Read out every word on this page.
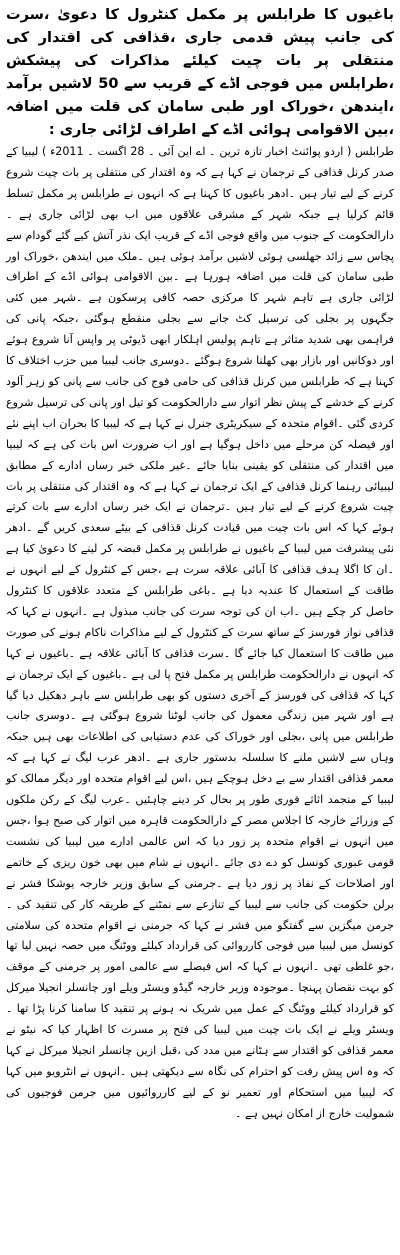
باغیوں کا طرابلس پر مکمل کنٹرول کا دعویٰ ،سرت کی جانب پیش قدمی جاری ،قذافی کی اقتدار کی منتقلی پر بات چیت کیلئے مذاکرات کی پیشکش ،طرابلس میں فوجی اڈے کے قریب سے 50 لاشیں برآمد ،ایندھن ،خوراک اور طبی سامان کی قلت میں اضافہ ،بین الاقوامی ہوائی اڈے کے اطراف لڑائی جاری :

طرابلس ( اردو پوائنٹ اخبار تازہ ترین ۔ اے این آئی ۔ 28 اگست ۔ 2011ء ) لیبیا کے صدر کرنل قذافی کے ترجمان نے کہا ہے کہ وہ اقتدار کی منتقلی پر بات چیت شروع کرنے کے لیے تیار ہیں ۔ادھر باغیوں کا کہنا ہے کہ انہوں نے طرابلس پر مکمل تسلط قائم کرلیا ہے جبکہ شہر کے مشرقی علاقوں میں اب بھی لڑائی جاری ہے ۔دارالحکومت کے جنوب میں واقع فوجی اڈے کے قریب ایک نذر آتش کیے گئے گودام سے پچاس سے زائد جھلسی ہوئی لاشیں برآمد ہوئی ہیں ۔ملک میں ایندھن ،خوراک اور طبی سامان کی قلت میں اضافہ ہورہا ہے ۔بین الاقوامی ہوائی اڈے کے اطراف لڑائی جاری ہے تاہم شہر کا مرکزی حصہ کافی پرسکون ہے ۔شہر میں کئی جگہوں پر بجلی کی ترسیل کٹ جانے سے بجلی منقطع ہوگئی ،جبکہ پانی کی فراہمی بھی شدید متاثر ہے تاہم پولیس اہلکار ابھی ڈیوٹی پر واپس آنا شروع ہوئے اور دوکانیں اور بازار بھی کھلنا شروع ہوگئے ۔دوسری جانب لیبیا میں حزب اختلاف کا کہنا ہے کہ طرابلس میں کرنل قذافی کی حامی فوج کی جانب سے پانی کو زہر آلود کرنے کے خدشے کے پیش نظر اتوار سے دارالحکومت کو تیل اور پانی کی ترسیل شروع کردی گئی ۔اقوام متحدہ کے سیکریٹری جنرل نے کہا ہے کہ لیبیا کا بحران اب اپنے نئے اور فیصلہ کن مرحلے میں داخل ہوگیا ہے اور اب ضرورت اس بات کی ہے کہ لیبیا میں اقتدار کی منتقلی کو یقینی بنایا جائے ۔غیر ملکی خبر رساں ادارے کے مطابق لیبیائی رہنما کرنل قذافی کے ایک ترجمان نے کہا ہے کہ وہ اقتدار کی منتقلی پر بات چیت شروع کرنے کے لیے تیار ہیں ۔ترجمان نے ایک خبر رساں ادارے سے بات کرتے ہوئے کہا کہ اس بات چیت میں قیادت کرنل قذافی کے بیٹے سعدی کریں گے ۔ادھر نئی پیشرفت میں لیبیا کے باغیوں نے طرابلس پر مکمل قبضہ کر لینے کا دعویٰ کیا ہے ۔ان کا اگلا ہدف قذافی کا آبائی علاقہ سرت ہے ،جس کے کنٹرول کے لیے انہوں نے طاقت کے استعمال کا عندیہ دیا ہے ۔باغی طرابلس کے متعدد علاقوں کا کنٹرول حاصل کر چکے ہیں ۔اب ان کی توجہ سرت کی جانب مبذول ہے ۔انہوں نے کہا کہ قذافی نواز فورسز کے ساتھ سرت کے کنٹرول کے لیے مذاکرات ناکام ہونے کی صورت میں طاقت کا استعمال کیا جائے گا ۔سرت قذافی کا آبائی علاقہ ہے ۔باغیوں نے کہا کہ انہوں نے دارالحکومت طرابلس پر مکمل فتح پا لی ہے ۔باغیوں کے ایک ترجمان نے کہا کہ قذافی کی فورسز کے آخری دستوں کو بھی طرابلس سے باہر دھکیل دیا گیا ہے اور شہر میں زندگی معمول کی جانب لوٹنا شروع ہوگئی ہے ۔دوسری جانب طرابلس میں پانی ،بجلی اور خوراک کی عدم دستیابی کی اطلاعات بھی ہیں جبکہ وہاں سے لاشیں ملنے کا سلسلہ بدستور جاری ہے ۔ادھر عرب لیگ نے کہا ہے کہ معمر قذافی اقتدار سے بے دخل ہوچکے ہیں ،اس لیے اقوام متحدہ اور دیگر ممالک کو لیبیا کے منجمد اثاثے فوری طور پر بحال کر دینے چاہئیں ۔عرب لیگ کے رکن ملکوں کے وزرائے خارجہ کا اجلاس مصر کے دارالحکومت قاہرہ میں اتوار کی صبح ہوا ،جس میں انہوں نے اقوام متحدہ پر زور دیا کہ اس عالمی ادارے میں لیبیا کی نشست قومی عبوری کونسل کو دے دی جائے ۔انہوں نے شام میں بھی خون ریزی کے خاتمے اور اصلاحات کے نفاذ پر زور دیا ہے ۔جرمنی کے سابق وزیر خارجہ یوشکا فشر نے برلن حکومت کی جانب سے لیبیا کے تنازعے سے نمٹنے کے طریقہ کار کی تنقید کی ۔جرمن میگزین سے گفتگو میں فشر نے کہا کہ جرمنی نے اقوام متحدہ کی سلامتی کونسل میں لیبیا میں فوجی کارروائی کی قرارداد کیلئے ووٹنگ میں حصہ نہیں لیا تھا ،جو غلطی تھی ۔انہوں نے کہا کہ اس فیصلے سے عالمی امور پر جرمنی کے موقف کو بہت نقصان پہنچا ۔موجودہ وزیر خارجہ گیڈو ویسٹر ویلے اور چانسلر انجیلا میرکل کو قرارداد کیلئے ووٹنگ کے عمل میں شریک نہ ہونے پر تنقید کا سامنا کرنا پڑا تھا ۔ویسٹر ویلے نے ایک بات چیت میں لیبیا کی فتح پر مسرت کا اظہار کیا کہ نیٹو نے معمر قذافی کو اقتدار سے ہٹانے میں مدد کی ،قبل ازیں چانسلر انجیلا میرکل نے کہا کہ وہ اس پیش رفت کو احترام کی نگاہ سے دیکھتی ہیں ۔انہوں نے انٹرویو میں کہا کہ لیبیا میں استحکام اور تعمیر نو کے لیے کارروائیوں میں جرمن فوجیوں کی شمولیت خارج از امکان نہیں ہے ۔
